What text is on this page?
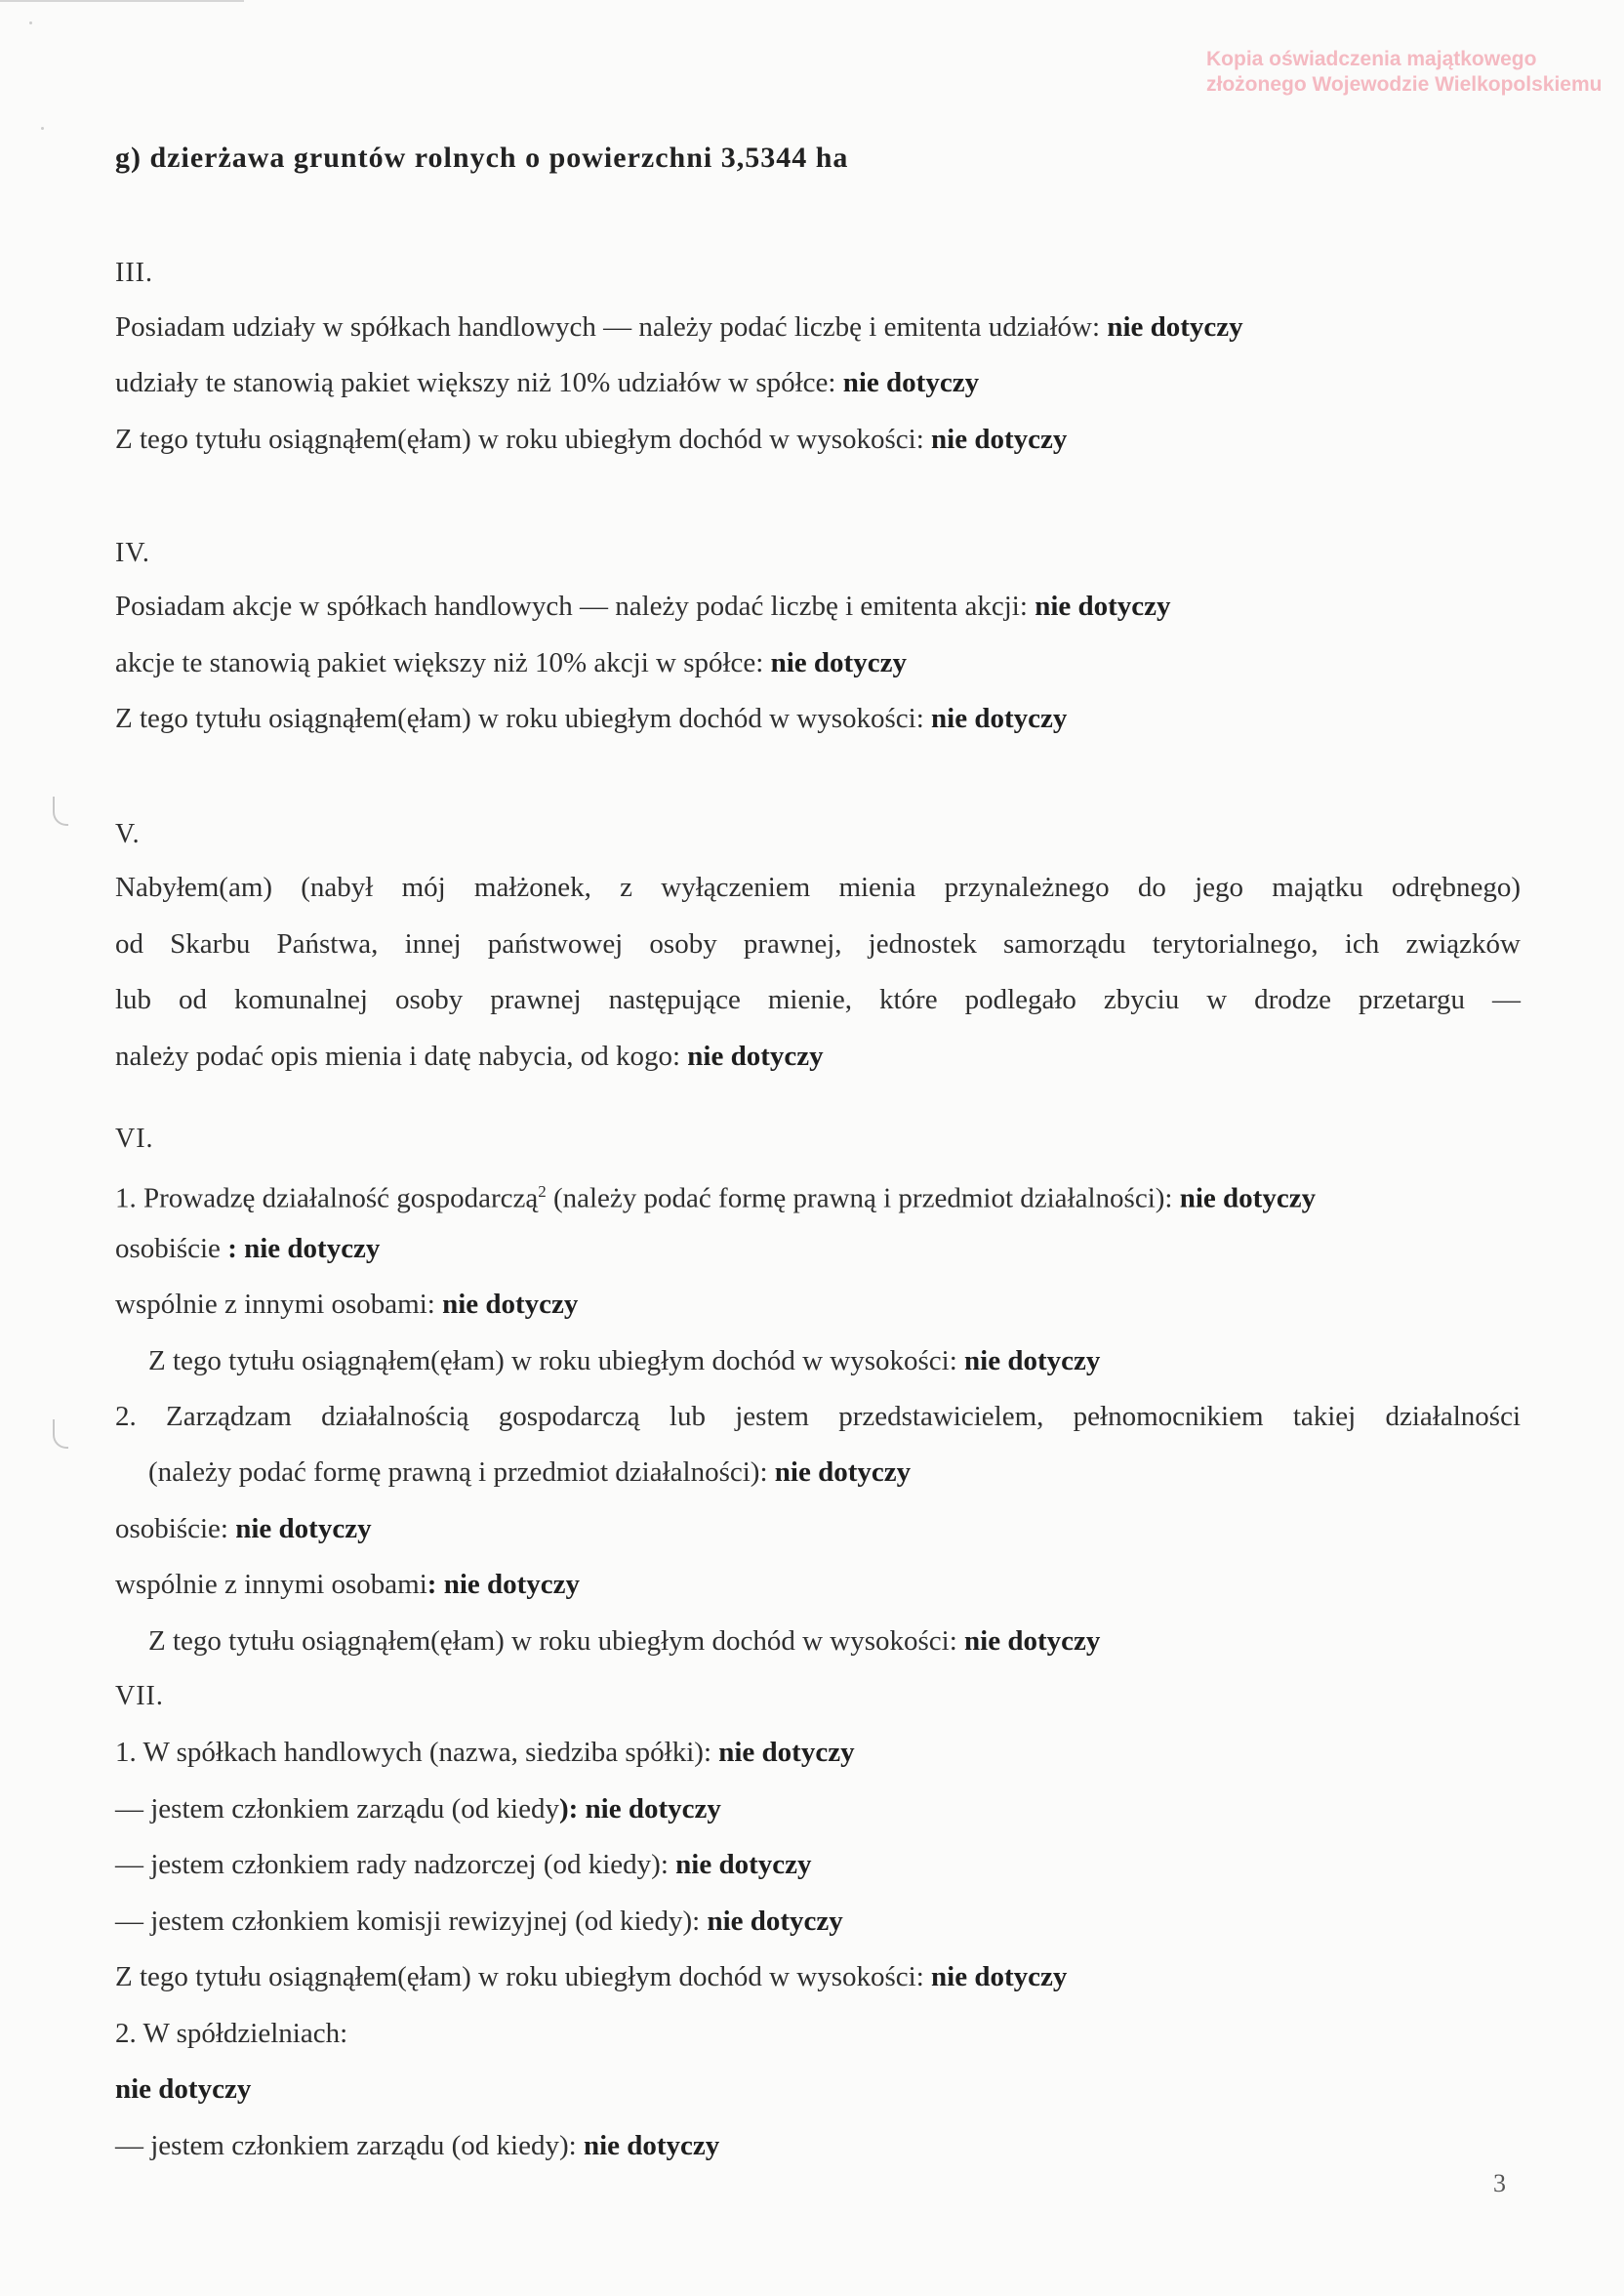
Kopia oświadczenia majątkowego
złożonego Wojewodzie Wielkopolskiemu
g) dzierżawa gruntów rolnych o powierzchni 3,5344 ha
III.
Posiadam udziały w spółkach handlowych — należy podać liczbę i emitenta udziałów: nie dotyczy
udziały te stanowią pakiet większy niż 10% udziałów w spółce: nie dotyczy
Z tego tytułu osiągnąłem(ęłam) w roku ubiegłym dochód w wysokości: nie dotyczy
IV.
Posiadam akcje w spółkach handlowych — należy podać liczbę i emitenta akcji: nie dotyczy
akcje te stanowią pakiet większy niż 10% akcji w spółce: nie dotyczy
Z tego tytułu osiągnąłem(ęłam) w roku ubiegłym dochód w wysokości: nie dotyczy
V.
Nabyłem(am) (nabył mój małżonek, z wyłączeniem mienia przynależnego do jego majątku odrębnego)
od Skarbu Państwa, innej państwowej osoby prawnej, jednostek samorządu terytorialnego, ich związków
lub od komunalnej osoby prawnej następujące mienie, które podlegało zbyciu w drodze przetargu —
należy podać opis mienia i datę nabycia, od kogo: nie dotyczy
VI.
1. Prowadzę działalność gospodarczą$^2$ (należy podać formę prawną i przedmiot działalności): nie dotyczy
osobiście : nie dotyczy
wspólnie z innymi osobami: nie dotyczy
Z tego tytułu osiągnąłem(ęłam) w roku ubiegłym dochód w wysokości: nie dotyczy
2. Zarządzam działalnością gospodarczą lub jestem przedstawicielem, pełnomocnikiem takiej działalności
(należy podać formę prawną i przedmiot działalności): nie dotyczy
osobiście: nie dotyczy
wspólnie z innymi osobami: nie dotyczy
Z tego tytułu osiągnąłem(ęłam) w roku ubiegłym dochód w wysokości: nie dotyczy
VII.
1. W spółkach handlowych (nazwa, siedziba spółki): nie dotyczy
— jestem członkiem zarządu (od kiedy): nie dotyczy
— jestem członkiem rady nadzorczej (od kiedy): nie dotyczy
— jestem członkiem komisji rewizyjnej (od kiedy): nie dotyczy
Z tego tytułu osiągnąłem(ęłam) w roku ubiegłym dochód w wysokości: nie dotyczy
2. W spółdzielniach:
nie dotyczy
— jestem członkiem zarządu (od kiedy): nie dotyczy
3
